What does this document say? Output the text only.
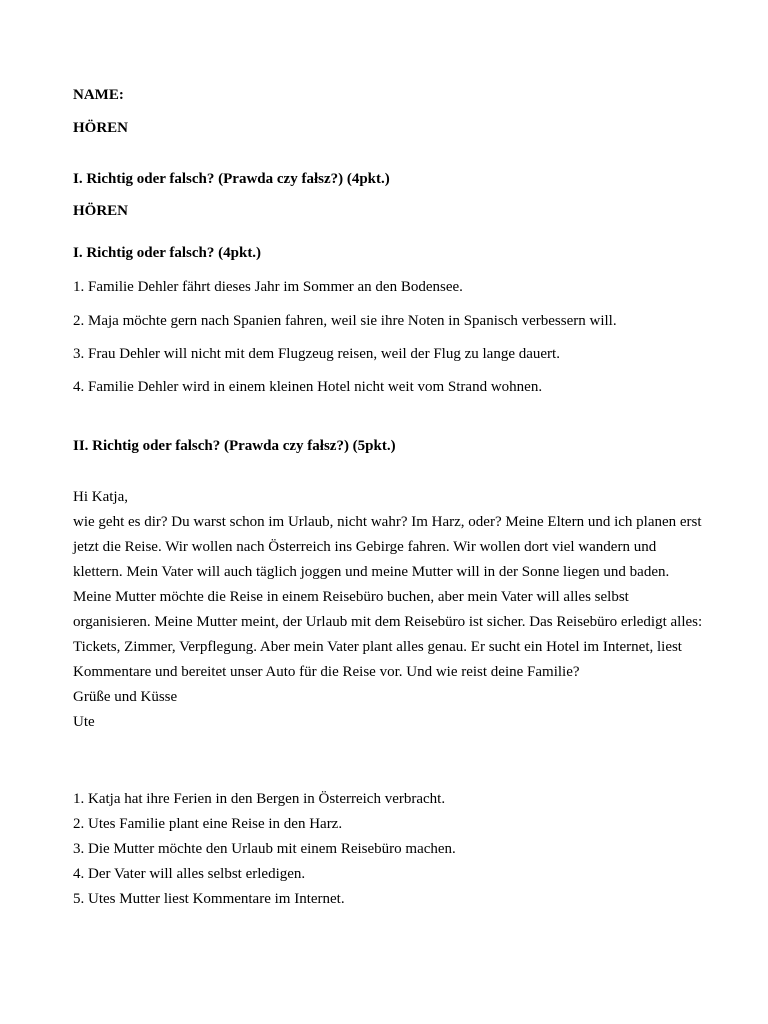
NAME:
HÖREN
I. Richtig oder falsch? (Prawda czy fałsz?) (4pkt.)
HÖREN
I. Richtig oder falsch? (4pkt.)
1. Familie Dehler fährt dieses Jahr im Sommer an den Bodensee.
2. Maja möchte gern nach Spanien fahren, weil sie ihre Noten in Spanisch verbessern will.
3. Frau Dehler will nicht mit dem Flugzeug reisen, weil der Flug zu lange dauert.
4. Familie Dehler wird in einem kleinen Hotel nicht weit vom Strand wohnen.
II. Richtig oder falsch? (Prawda czy fałsz?) (5pkt.)

Hi Katja,

wie geht es dir? Du warst schon im Urlaub, nicht wahr? Im Harz, oder? Meine Eltern und ich planen erst jetzt die Reise. Wir wollen nach Österreich ins Gebirge fahren. Wir wollen dort viel wandern und klettern. Mein Vater will auch täglich joggen und meine Mutter will in der Sonne liegen und baden. Meine Mutter möchte die Reise in einem Reisebüro buchen, aber mein Vater will alles selbst organisieren. Meine Mutter meint, der Urlaub mit dem Reisebüro ist sicher. Das Reisebüro erledigt alles: Tickets, Zimmer, Verpflegung. Aber mein Vater plant alles genau. Er sucht ein Hotel im Internet, liest Kommentare und bereitet unser Auto für die Reise vor. Und wie reist deine Familie?

Grüße und Küsse

Ute

1. Katja hat ihre Ferien in den Bergen in Österreich verbracht.
2. Utes Familie plant eine Reise in den Harz.
3. Die Mutter möchte den Urlaub mit einem Reisebüro machen.
4. Der Vater will alles selbst erledigen.
5. Utes Mutter liest Kommentare im Internet.
